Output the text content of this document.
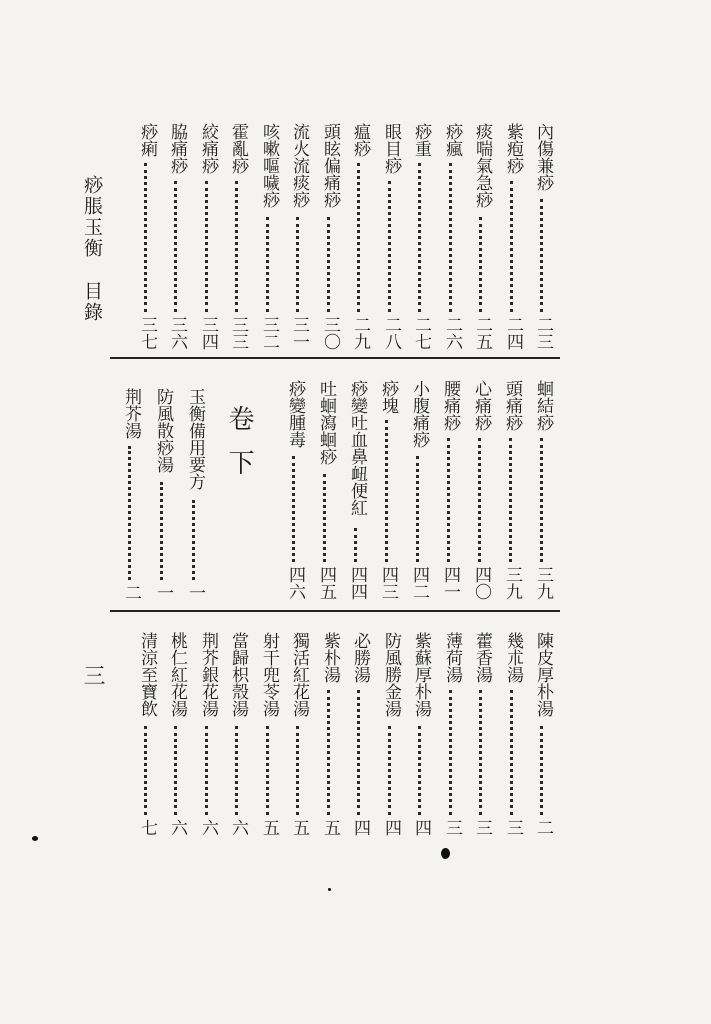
痧脹玉衡目錄
卷下
三
內傷兼痧
二三
紫疱痧
二四
痰喘氣急痧
二五
痧瘋
二六
痧重
二七
眼目痧
二八
瘟痧
二九
頭眩偏痛痧
三〇
流火流痰痧
三一
咳嗽嘔噦痧
三二
霍亂痧
三三
絞痛痧
三四
脇痛痧
三六
痧痢
三七
蛔結痧
三九
頭痛痧
三九
心痛痧
四〇
腰痛痧
四一
小腹痛痧
四二
痧塊
四三
痧變吐血鼻衄便紅
四四
吐蛔瀉蛔痧
四五
痧變腫毒
四六
玉衡備用要方
一
防風散痧湯
一
荆芥湯
二
陳皮厚朴湯
二
幾朮湯
三
藿香湯
三
薄荷湯
三
紫蘇厚朴湯
四
防風勝金湯
四
必勝湯
四
紫朴湯
五
獨活紅花湯
五
射干兜苓湯
五
當歸枳殼湯
六
荆芥銀花湯
六
桃仁紅花湯
六
清涼至寶飲
七
